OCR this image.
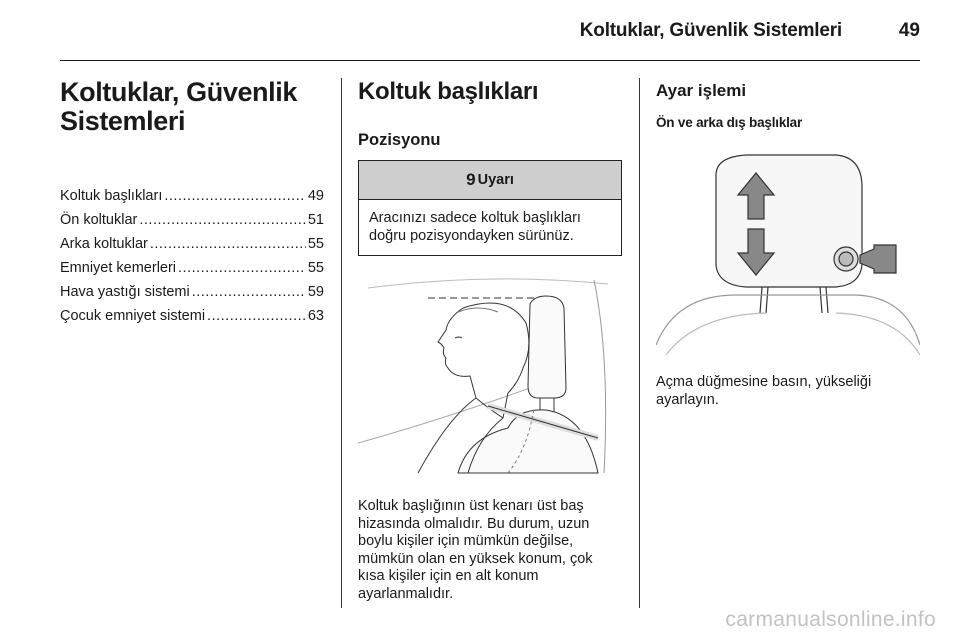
Koltuklar, Güvenlik Sistemleri	49
Koltuklar, Güvenlik
Sistemleri
Koltuk başlıkları .....	49
Ön koltuklar .....	51
Arka koltuklar .....	55
Emniyet kemerleri .....	55
Hava yastığı sistemi .....	59
Çocuk emniyet sistemi .....	63
Koltuk başlıkları
Pozisyonu
9 Uyarı
Aracınızı sadece koltuk başlıkları doğru pozisyondayken sürünüz.
Koltuk başlığının üst kenarı üst baş hizasında olmalıdır. Bu durum, uzun boylu kişiler için mümkün değilse, mümkün olan en yüksek konum, çok kısa kişiler için en alt konum ayarlanmalıdır.
Ayar işlemi
Ön ve arka dış başlıklar
Açma düğmesine basın, yükseliği ayarlayın.
carmanualsonline.info
